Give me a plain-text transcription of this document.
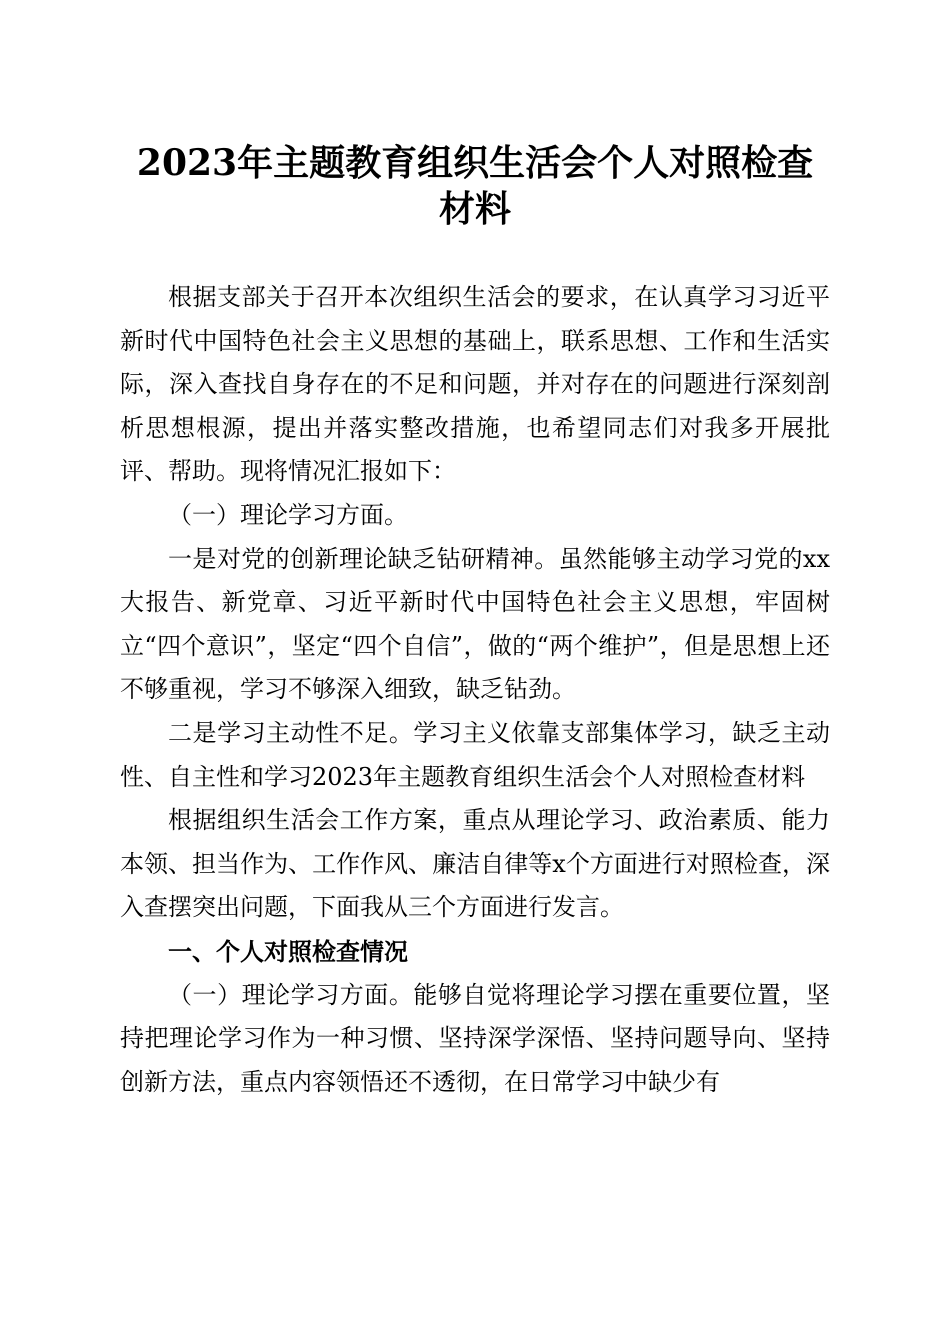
2023年主题教育组织生活会个人对照检查材料

根据支部关于召开本次组织生活会的要求，在认真学习习近平新时代中国特色社会主义思想的基础上，联系思想、工作和生活实际，深入查找自身存在的不足和问题，并对存在的问题进行深刻剖析思想根源，提出并落实整改措施，也希望同志们对我多开展批评、帮助。现将情况汇报如下：

（一）理论学习方面。

一是对党的创新理论缺乏钻研精神。虽然能够主动学习党的xx大报告、新党章、习近平新时代中国特色社会主义思想，牢固树立“四个意识”，坚定“四个自信”，做的“两个维护”，但是思想上还不够重视，学习不够深入细致，缺乏钻劲。

二是学习主动性不足。学习主义依靠支部集体学习，缺乏主动性、自主性和学习2023年主题教育组织生活会个人对照检查材料

根据组织生活会工作方案，重点从理论学习、政治素质、能力本领、担当作为、工作作风、廉洁自律等x个方面进行对照检查，深入查摆突出问题，下面我从三个方面进行发言。

一、个人对照检查情况

（一）理论学习方面。能够自觉将理论学习摆在重要位置，坚持把理论学习作为一种习惯、坚持深学深悟、坚持问题导向、坚持创新方法，重点内容领悟还不透彻，在日常学习中缺少有
